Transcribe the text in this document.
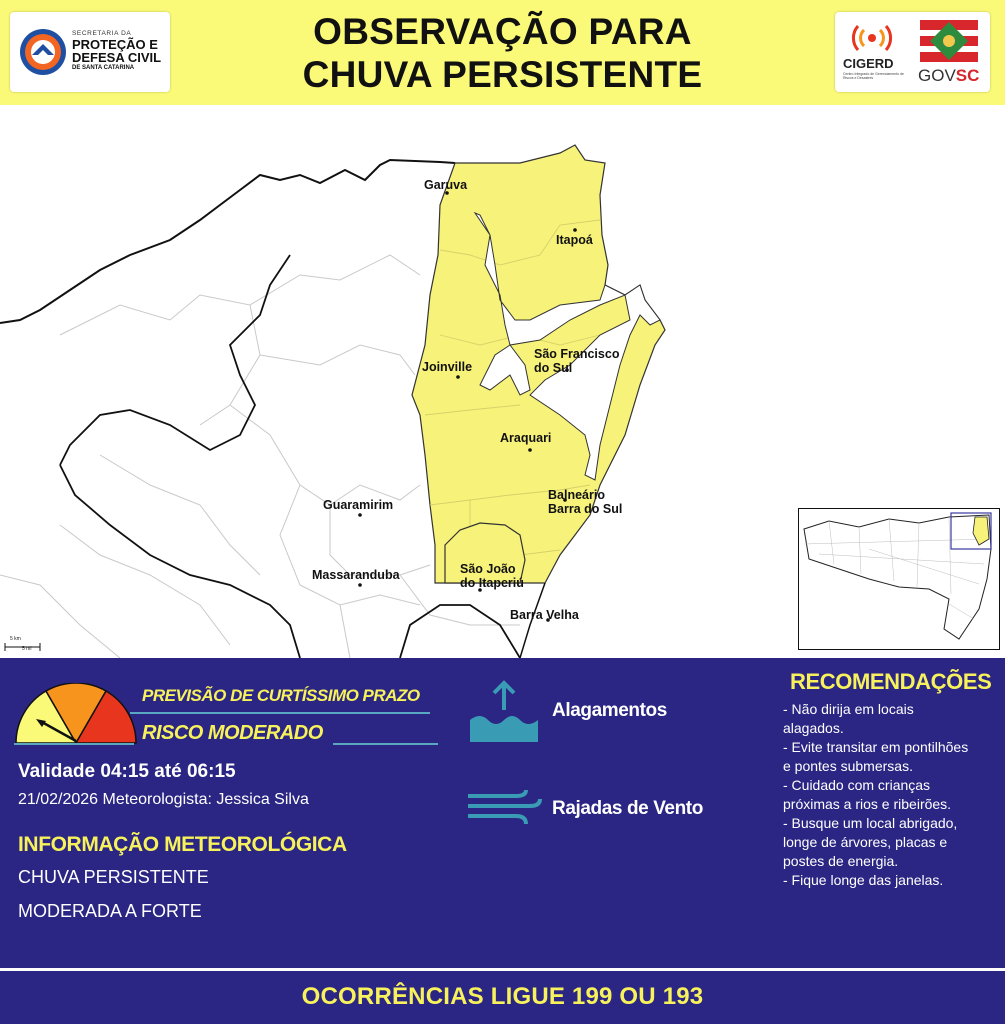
SECRETARIA DA
PROTEÇÃO E
DEFESA CIVIL
DE SANTA CATARINA
OBSERVAÇÃO PARA
CHUVA PERSISTENTE	CIGERD
Centro Integrado de Gerenciamento de Riscos e Desastres	GOVSC
Garuva
Itapoá
São Francisco
do Sul
Joinville
Araquari
Balneário
Barra do Sul
Guaramirim
São João
do Itaperiú
Massaranduba
Barra Velha
5 km
5 mi
PREVISÃO DE CURTÍSSIMO PRAZO
RISCO MODERADO
Validade 04:15 até 06:15
21/02/2026 Meteorologista: Jessica Silva
INFORMAÇÃO METEOROLÓGICA
CHUVA PERSISTENTE
MODERADA A FORTE
Alagamentos
Rajadas de Vento
RECOMENDAÇÕES
- Não dirija em locais
alagados.
- Evite transitar em pontilhões
e pontes submersas.
- Cuidado com crianças
próximas a rios e ribeirões.
- Busque um local abrigado,
longe de árvores, placas e
postes de energia.
- Fique longe das janelas.
OCORRÊNCIAS LIGUE 199 OU 193
